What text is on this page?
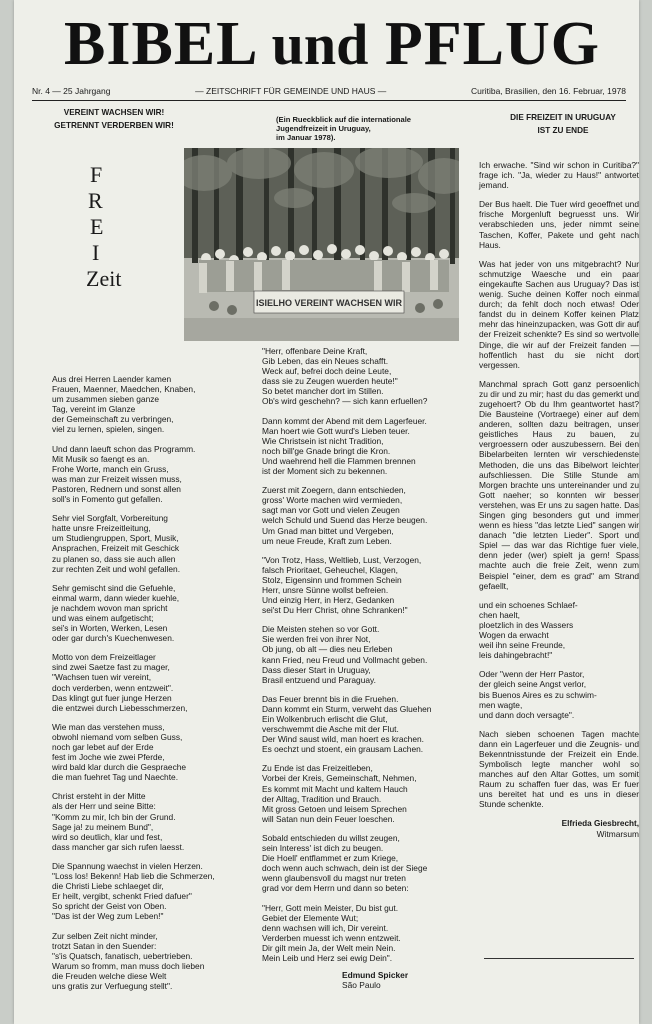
BIBEL und PFLUG
Nr. 4 — 25 Jahrgang	— ZEITSCHRIFT FÜR GEMEINDE UND HAUS —	Curitiba, Brasilien, den 16. Februar, 1978
VEREINT WACHSEN WIR!
GETRENNT VERDERBEN WIR!
(Ein Rueckblick auf die internationale
Jugendfreizeit in Uruguay,
im Januar 1978).
DIE FREIZEIT IN URUGUAY
IST ZU ENDE
F
R
E
I
Zeit
ISIELHO VEREINT WACHSEN WIR

Aus drei Herren Laender kamen
Frauen, Maenner, Maedchen, Knaben,
um zusammen sieben ganze
Tag, vereint im Glanze
der Gemeinschaft zu verbringen,
viel zu lernen, spielen, singen.

Und dann laeuft schon das Programm.
Mit Musik so faengt es an.
Frohe Worte, manch ein Gruss,
was man zur Freizeit wissen muss,
Pastoren, Rednern und sonst allen
soll's in Fomento gut gefallen.

Sehr viel Sorgfalt, Vorbereitung
hatte unsre Freizeitleitung,
um Studiengruppen, Sport, Musik,
Ansprachen, Freizeit mit Geschick
zu planen so, dass sie auch allen
zur rechten Zeit und wohl gefallen.

Sehr gemischt sind die Gefuehle,
einmal warm, dann wieder kuehle,
je nachdem wovon man spricht
und was einem aufgetischt;
sei's in Worten, Werken, Lesen
oder gar durch's Kuechenwesen.

Motto von dem Freizeitlager
sind zwei Saetze fast zu mager,
"Wachsen tuen wir vereint,
doch verderben, wenn entzweit".
Das klingt gut fuer junge Herzen
die entzwei durch Liebesschmerzen,

Wie man das verstehen muss,
obwohl niemand vom selben Guss,
noch gar lebet auf der Erde
fest im Joche wie zwei Pferde,
wird bald klar durch die Gespraeche
die man fuehret Tag und Naechte.

Christ ersteht in der Mitte
als der Herr und seine Bitte:
"Komm zu mir, Ich bin der Grund.
Sage ja! zu meinem Bund",
wird so deutlich, klar und fest,
dass mancher gar sich rufen laesst.

Die Spannung waechst in vielen Herzen.
"Loss los! Bekenn! Hab lieb die Schmerzen,
die Christi Liebe schlaeget dir,
Er heilt, vergibt, schenkt Fried dafuer"
So spricht der Geist von Oben.
"Das ist der Weg zum Leben!"

Zur selben Zeit nicht minder,
trotzt Satan in den Suender:
"s'is Quatsch, fanatisch, uebertrieben.
Warum so fromm, man muss doch lieben
die Freuden welche diese Welt
uns gratis zur Verfuegung stellt".

"Herr, offenbare Deine Kraft,
Gib Leben, das ein Neues schafft.
Weck auf, befrei doch deine Leute,
dass sie zu Zeugen wuerden heute!"
So betet mancher dort im Stillen.
Ob's wird geschehn? — sich kann erfuellen?

Dann kommt der Abend mit dem Lagerfeuer.
Man hoert wie Gott wurd's Lieben teuer.
Wie Christsein ist nicht Tradition,
noch bill'ge Gnade bringt die Kron.
Und waehrend hell die Flammen brennen
ist der Moment sich zu bekennen.

Zuerst mit Zoegern, dann entschieden,
gross' Worte machen wird vermieden,
sagt man vor Gott und vielen Zeugen
welch Schuld und Suend das Herze beugen.
Um Gnad man bittet und Vergeben,
um neue Freude, Kraft zum Leben.

"Von Trotz, Hass, Weltlieb, Lust, Verzogen,
falsch Prioritaet, Geheuchel, Klagen,
Stolz, Eigensinn und frommen Schein
Herr, unsre Sünne wollst befreien.
Und einzig Herr, in Herz, Gedanken
sei'st Du Herr Christ, ohne Schranken!"

Die Meisten stehen so vor Gott.
Sie werden frei von ihrer Not,
Ob jung, ob alt — dies neu Erleben
kann Fried, neu Freud und Vollmacht geben.
Dass dieser Start in Uruguay,
Brasil entzuend und Paraguay.

Das Feuer brennt bis in die Fruehen.
Dann kommt ein Sturm, verweht das Gluehen
Ein Wolkenbruch erlischt die Glut,
verschwemmt die Asche mit der Flut.
Der Wind saust wild, man hoert es krachen.
Es oechzt und stoent, ein grausam Lachen.

Zu Ende ist das Freizeitleben,
Vorbei der Kreis, Gemeinschaft, Nehmen,
Es kommt mit Macht und kaltem Hauch
der Alltag, Tradition und Brauch.
Mit gross Getoen und leisem Sprechen
will Satan nun dein Feuer loeschen.

Sobald entschieden du willst zeugen,
sein Interess' ist dich zu beugen.
Die Hoell' entflammet er zum Kriege,
doch wenn auch schwach, dein ist der Siege
wenn glaubensvoll du magst nur treten
grad vor dem Herrn und dann so beten:

"Herr, Gott mein Meister, Du bist gut.
Gebiet der Elemente Wut;
denn wachsen will ich, Dir vereint.
Verderben muesst ich wenn entzweit.
Dir gilt mein Ja, der Welt mein Nein.
Mein Leib und Herz sei ewig Dein".

Edmund Spicker
São Paulo

Ich erwache. "Sind wir schon in Curitiba?" frage ich. "Ja, wieder zu Haus!" antwortet jemand.

Der Bus haelt. Die Tuer wird geoeffnet und frische Morgenluft begruesst uns. Wir verabschieden uns, jeder nimmt seine Taschen, Koffer, Pakete und geht nach Haus.

Was hat jeder von uns mitgebracht? Nur schmutzige Waesche und ein paar eingekaufte Sachen aus Uruguay? Das ist wenig. Suche deinen Koffer noch einmal durch; da fehlt doch noch etwas! Oder fandst du in deinem Koffer keinen Platz mehr das hineinzupacken, was Gott dir auf der Freizeit schenkte? Es sind so wertvolle Dinge, die wir auf der Freizeit fanden — hoffentlich hast du sie nicht dort vergessen.

Manchmal sprach Gott ganz persoenlich zu dir und zu mir; hast du das gemerkt und zugehoert? Ob du Ihm geantwortet hast? Die Bausteine (Vortraege) einer auf dem anderen, sollten dazu beitragen, unser geistliches Haus zu bauen, zu vergroessern oder auszubessern. Bei den Bibelarbeiten lernten wir verschiedenste Methoden, die uns das Bibelwort leichter aufschliessen. Die Stille Stunde am Morgen brachte uns untereinander und zu Gott naeher; so konnten wir besser verstehen, was Er uns zu sagen hatte. Das Singen ging besonders gut und immer wenn es hiess "das letzte Lied" sangen wir danach "die letzten Lieder". Sport und Spiel — das war das Richtige fuer viele, denn jeder (wer) spielt ja gern! Spass machte auch die freie Zeit, wenn zum Beispiel "einer, dem es grad" am Strand gefaellt,

und ein schoenes Schlaef-
chen haelt,
ploetzlich in des Wassers
Wogen da erwacht
weil ihn seine Freunde,
leis dahingebracht!"

Oder "wenn der Herr Pastor,
der gleich seine Angst verlor,
bis Buenos Aires es zu schwim-
men wagte,
und dann doch versagte".

Nach sieben schoenen Tagen machte dann ein Lagerfeuer und die Zeugnis- und Bekenntnisstunde der Freizeit ein Ende. Symbolisch legte mancher wohl so manches auf den Altar Gottes, um somit Raum zu schaffen fuer das, was Er fuer uns bereitet hat und es uns in dieser Stunde schenkte.

Elfrieda Giesbrecht,
Witmarsum
